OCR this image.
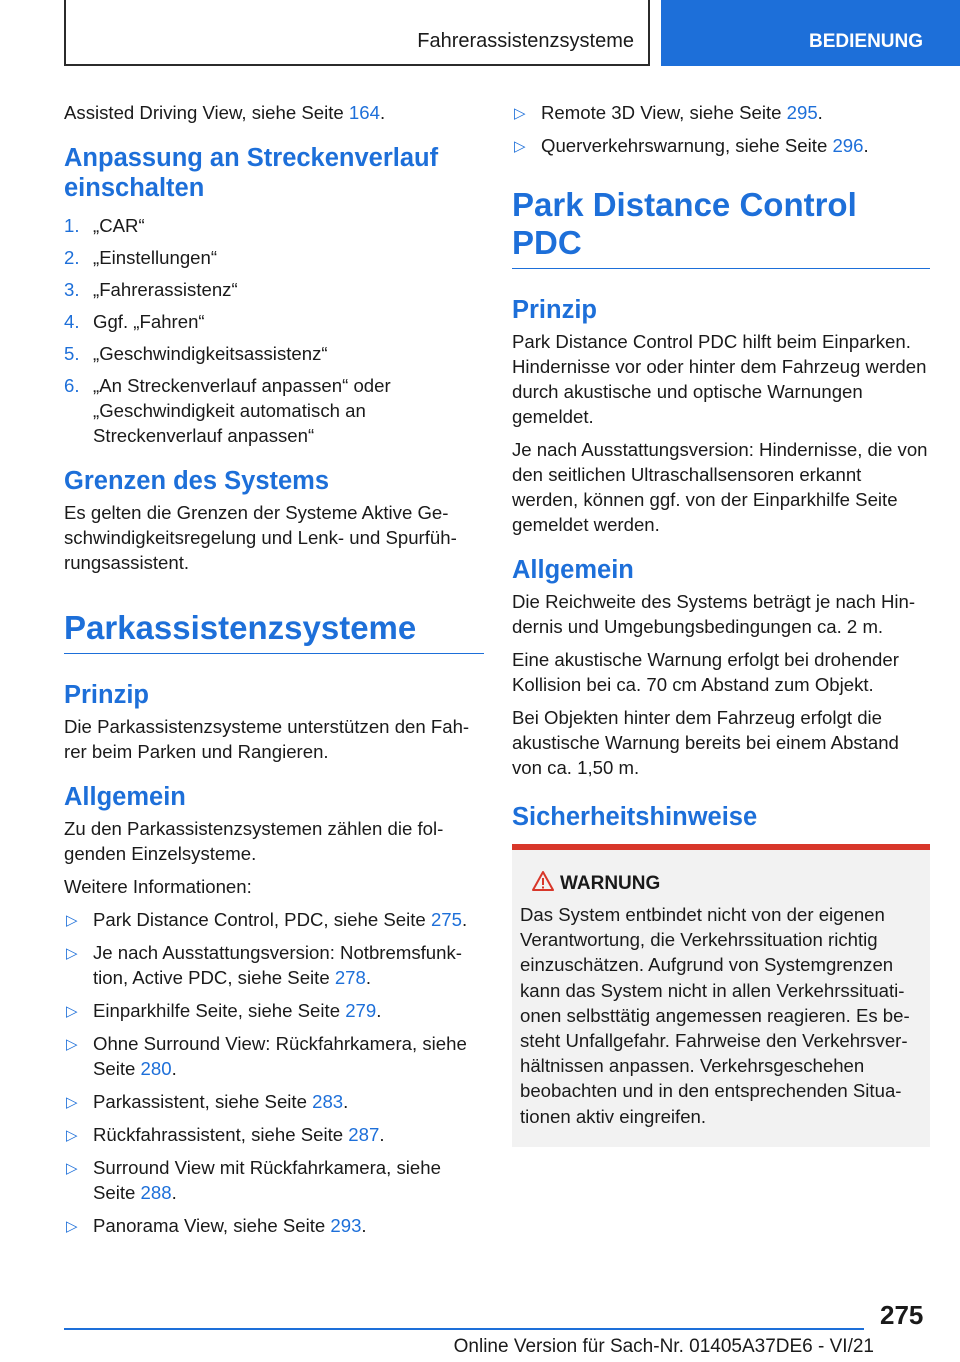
Fahrerassistenzsysteme	BEDIENUNG

Assisted Driving View, siehe Seite 164.

Anpassung an Streckenverlauf einschalten
1. „CAR“
2. „Einstellungen“
3. „Fahrerassistenz“
4. Ggf. „Fahren“
5. „Geschwindigkeitsassistenz“
6. „An Streckenverlauf anpassen“ oder „Geschwindigkeit automatisch an Streckenverlauf anpassen“
Grenzen des Systems

Es gelten die Grenzen der Systeme Aktive Geschwindigkeitsregelung und Lenk- und Spurführungsassistent.

Parkassistenzsysteme
Prinzip

Die Parkassistenzsysteme unterstützen den Fahrer beim Parken und Rangieren.

Allgemein

Zu den Parkassistenzsystemen zählen die folgenden Einzelsysteme.

Weitere Informationen:

▷ Park Distance Control, PDC, siehe Seite 275.
▷ Je nach Ausstattungsversion: Notbremsfunktion, Active PDC, siehe Seite 278.
▷ Einparkhilfe Seite, siehe Seite 279.
▷ Ohne Surround View: Rückfahrkamera, siehe Seite 280.
▷ Parkassistent, siehe Seite 283.
▷ Rückfahrassistent, siehe Seite 287.
▷ Surround View mit Rückfahrkamera, siehe Seite 288.
▷ Panorama View, siehe Seite 293.
▷ Remote 3D View, siehe Seite 295.
▷ Querverkehrswarnung, siehe Seite 296.
Park Distance Control PDC
Prinzip

Park Distance Control PDC hilft beim Einparken. Hindernisse vor oder hinter dem Fahrzeug werden durch akustische und optische Warnungen gemeldet.

Je nach Ausstattungsversion: Hindernisse, die von den seitlichen Ultraschallsensoren erkannt werden, können ggf. von der Einparkhilfe Seite gemeldet werden.

Allgemein

Die Reichweite des Systems beträgt je nach Hindernis und Umgebungsbedingungen ca. 2 m.

Eine akustische Warnung erfolgt bei drohender Kollision bei ca. 70 cm Abstand zum Objekt.

Bei Objekten hinter dem Fahrzeug erfolgt die akustische Warnung bereits bei einem Abstand von ca. 1,50 m.

Sicherheitshinweise
WARNUNG

Das System entbindet nicht von der eigenen Verantwortung, die Verkehrssituation richtig einzuschätzen. Aufgrund von Systemgrenzen kann das System nicht in allen Verkehrssituationen selbsttätig angemessen reagieren. Es besteht Unfallgefahr. Fahrweise den Verkehrsverhältnissen anpassen. Verkehrsgeschehen beobachten und in den entsprechenden Situationen aktiv eingreifen.

275
Online Version für Sach-Nr. 01405A37DE6 - VI/21
